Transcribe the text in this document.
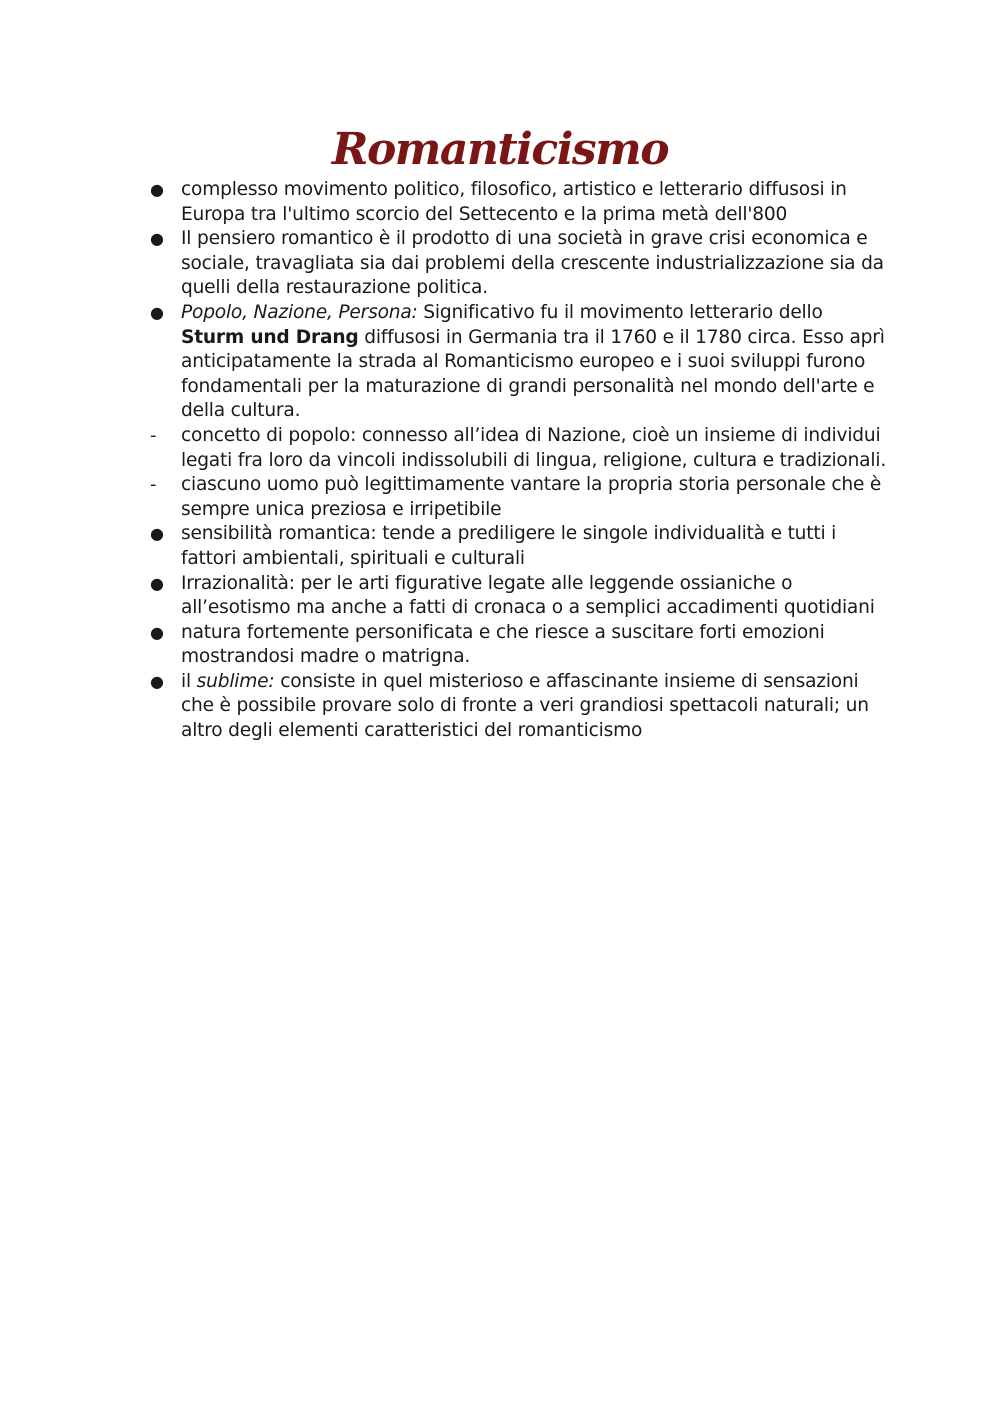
Romanticismo
● complesso movimento politico, filosofico, artistico e letterario diffusosi in Europa tra l'ultimo scorcio del Settecento e la prima metà dell'800
● Il pensiero romantico è il prodotto di una società in grave crisi economica e sociale, travagliata sia dai problemi della crescente industrializzazione sia da quelli della restaurazione politica.
● Popolo, Nazione, Persona: Significativo fu il movimento letterario dello Sturm und Drang diffusosi in Germania tra il 1760 e il 1780 circa. Esso aprì anticipatamente la strada al Romanticismo europeo e i suoi sviluppi furono fondamentali per la maturazione di grandi personalità nel mondo dell'arte e della cultura.
-	concetto di popolo: connesso all’idea di Nazione, cioè un insieme di individui legati fra loro da vincoli indissolubili di lingua, religione, cultura e tradizionali.
-	ciascuno uomo può legittimamente vantare la propria storia personale che è sempre unica preziosa e irripetibile
● sensibilità romantica: tende a prediligere le singole individualità e tutti i fattori ambientali, spirituali e culturali
● Irrazionalità: per le arti figurative legate alle leggende ossianiche o all’esotismo ma anche a fatti di cronaca o a semplici accadimenti quotidiani
● natura fortemente personificata e che riesce a suscitare forti emozioni mostrandosi madre o matrigna.
● il sublime: consiste in quel misterioso e affascinante insieme di sensazioni che è possibile provare solo di fronte a veri grandiosi spettacoli naturali; un altro degli elementi caratteristici del romanticismo
